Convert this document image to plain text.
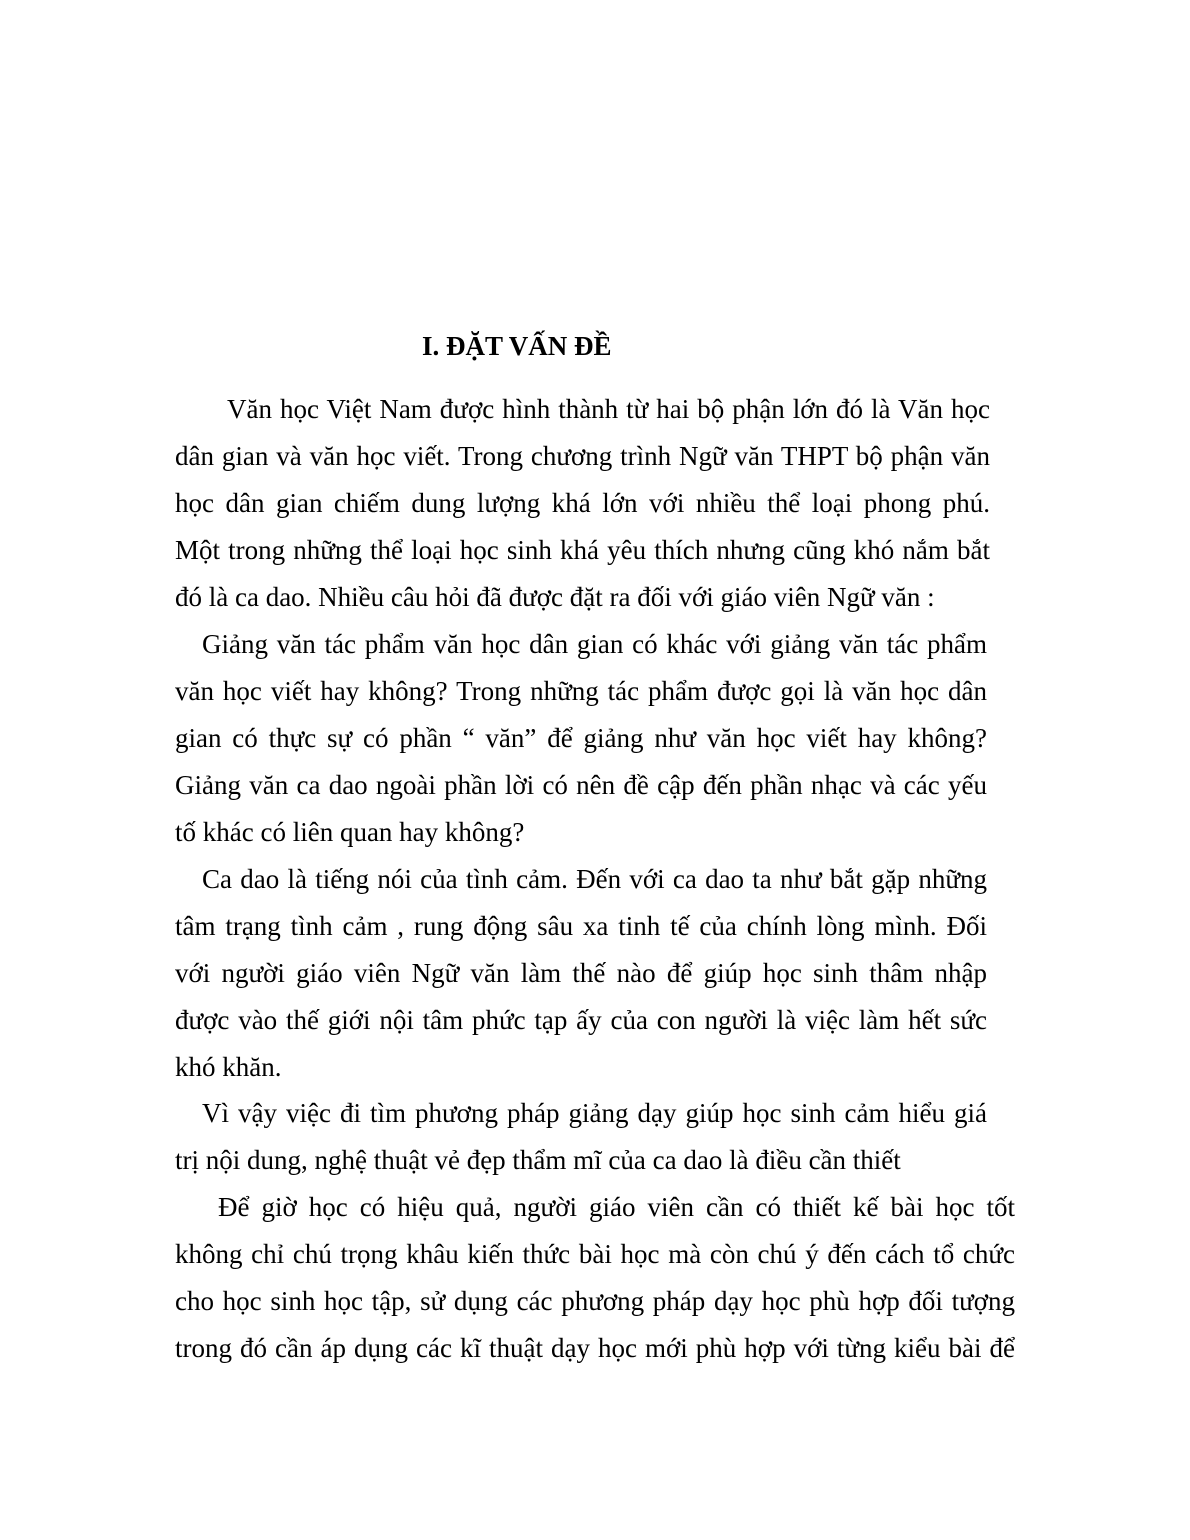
I. ĐẶT VẤN ĐỀ
Văn học Việt Nam được hình thành từ hai bộ phận lớn đó là Văn học
dân gian và văn học viết. Trong chương trình Ngữ văn THPT bộ phận văn
học dân gian chiếm dung lượng khá lớn với nhiều thể loại phong phú.
Một trong những thể loại học sinh khá yêu thích nhưng cũng khó nắm bắt
đó là ca dao. Nhiều câu hỏi đã được đặt ra đối với giáo viên Ngữ văn :
Giảng văn tác phẩm văn học dân gian có khác với giảng văn tác phẩm
văn học viết hay không? Trong những tác phẩm được gọi là văn học dân
gian có thực sự có phần “ văn” để giảng như văn học viết hay không?
Giảng văn ca dao ngoài phần lời có nên đề cập đến phần nhạc và các yếu
tố khác có liên quan hay không?
Ca dao là tiếng nói của tình cảm. Đến với ca dao ta như bắt gặp những
tâm trạng tình cảm , rung động sâu xa tinh tế của chính lòng mình. Đối
với người giáo viên Ngữ văn làm thế nào để giúp học sinh thâm nhập
được vào thế giới nội tâm phức tạp ấy của con người là việc làm hết sức
khó khăn.
Vì vậy việc đi tìm phương pháp giảng dạy giúp học sinh cảm hiểu giá
trị nội dung, nghệ thuật vẻ đẹp thẩm mĩ của ca dao là điều cần thiết
Để giờ học có hiệu quả, người giáo viên cần có thiết kế bài học tốt
không chỉ chú trọng khâu kiến thức bài học mà còn chú ý đến cách tổ chức
cho học sinh học tập, sử dụng các phương pháp dạy học phù hợp đối tượng
trong đó cần áp dụng các kĩ thuật dạy học mới phù hợp với từng kiểu bài để
